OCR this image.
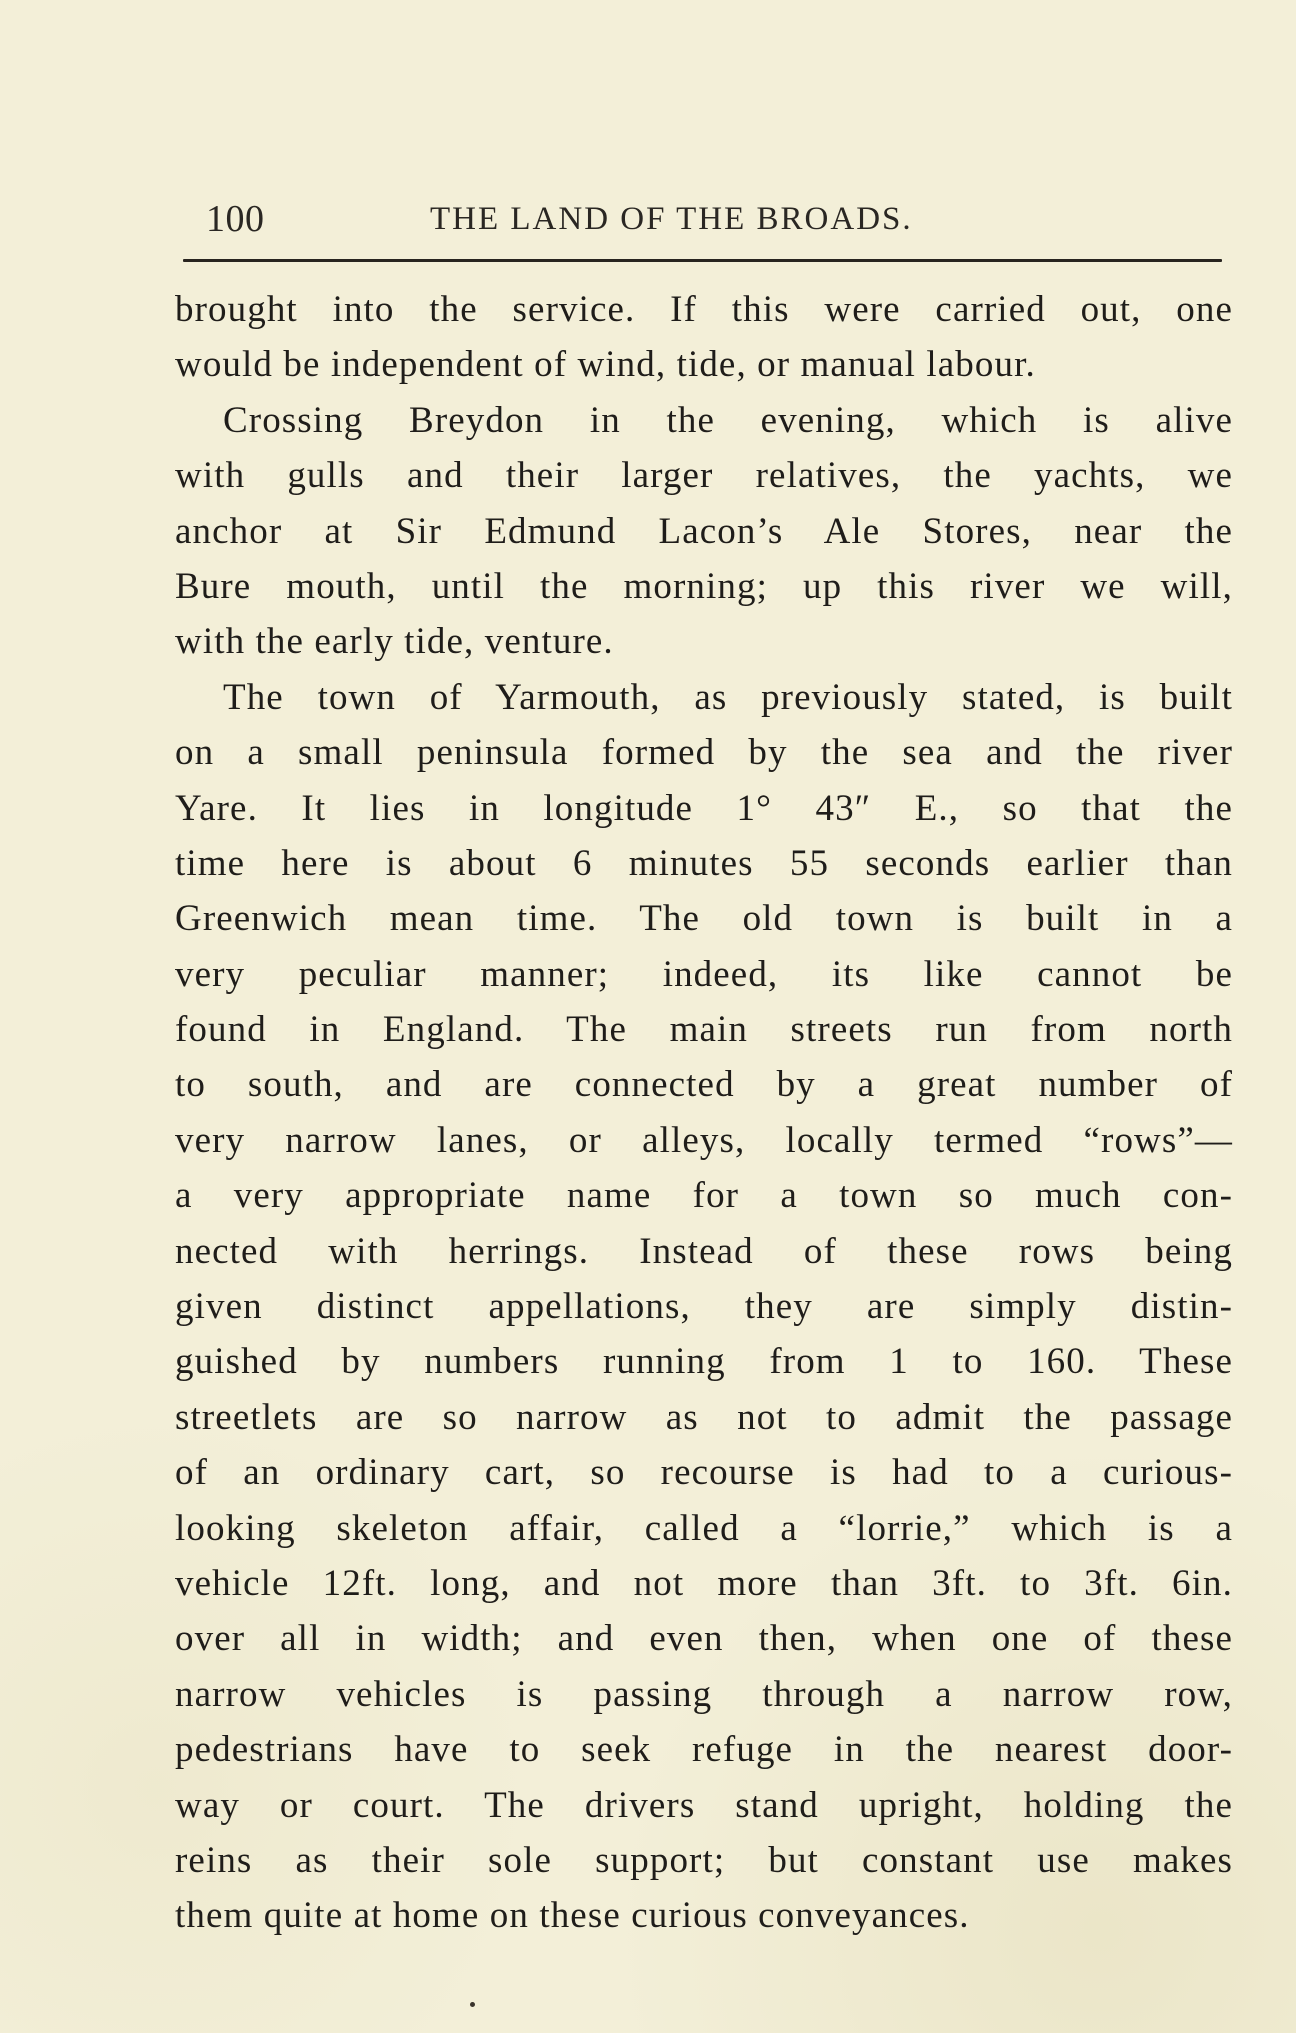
100	THE LAND OF THE BROADS.
brought into the service. If this were carried out, one
would be independent of wind, tide, or manual labour.
Crossing Breydon in the evening, which is alive
with gulls and their larger relatives, the yachts, we
anchor at Sir Edmund Lacon’s Ale Stores, near the
Bure mouth, until the morning; up this river we will,
with the early tide, venture.
The town of Yarmouth, as previously stated, is built
on a small peninsula formed by the sea and the river
Yare. It lies in longitude 1° 43″ E., so that the
time here is about 6 minutes 55 seconds earlier than
Greenwich mean time. The old town is built in a
very peculiar manner; indeed, its like cannot be
found in England. The main streets run from north
to south, and are connected by a great number of
very narrow lanes, or alleys, locally termed “rows”—
a very appropriate name for a town so much con-
nected with herrings. Instead of these rows being
given distinct appellations, they are simply distin-
guished by numbers running from 1 to 160. These
streetlets are so narrow as not to admit the passage
of an ordinary cart, so recourse is had to a curious-
looking skeleton affair, called a “lorrie,” which is a
vehicle 12ft. long, and not more than 3ft. to 3ft. 6in.
over all in width; and even then, when one of these
narrow vehicles is passing through a narrow row,
pedestrians have to seek refuge in the nearest door-
way or court. The drivers stand upright, holding the
reins as their sole support; but constant use makes
them quite at home on these curious conveyances.
